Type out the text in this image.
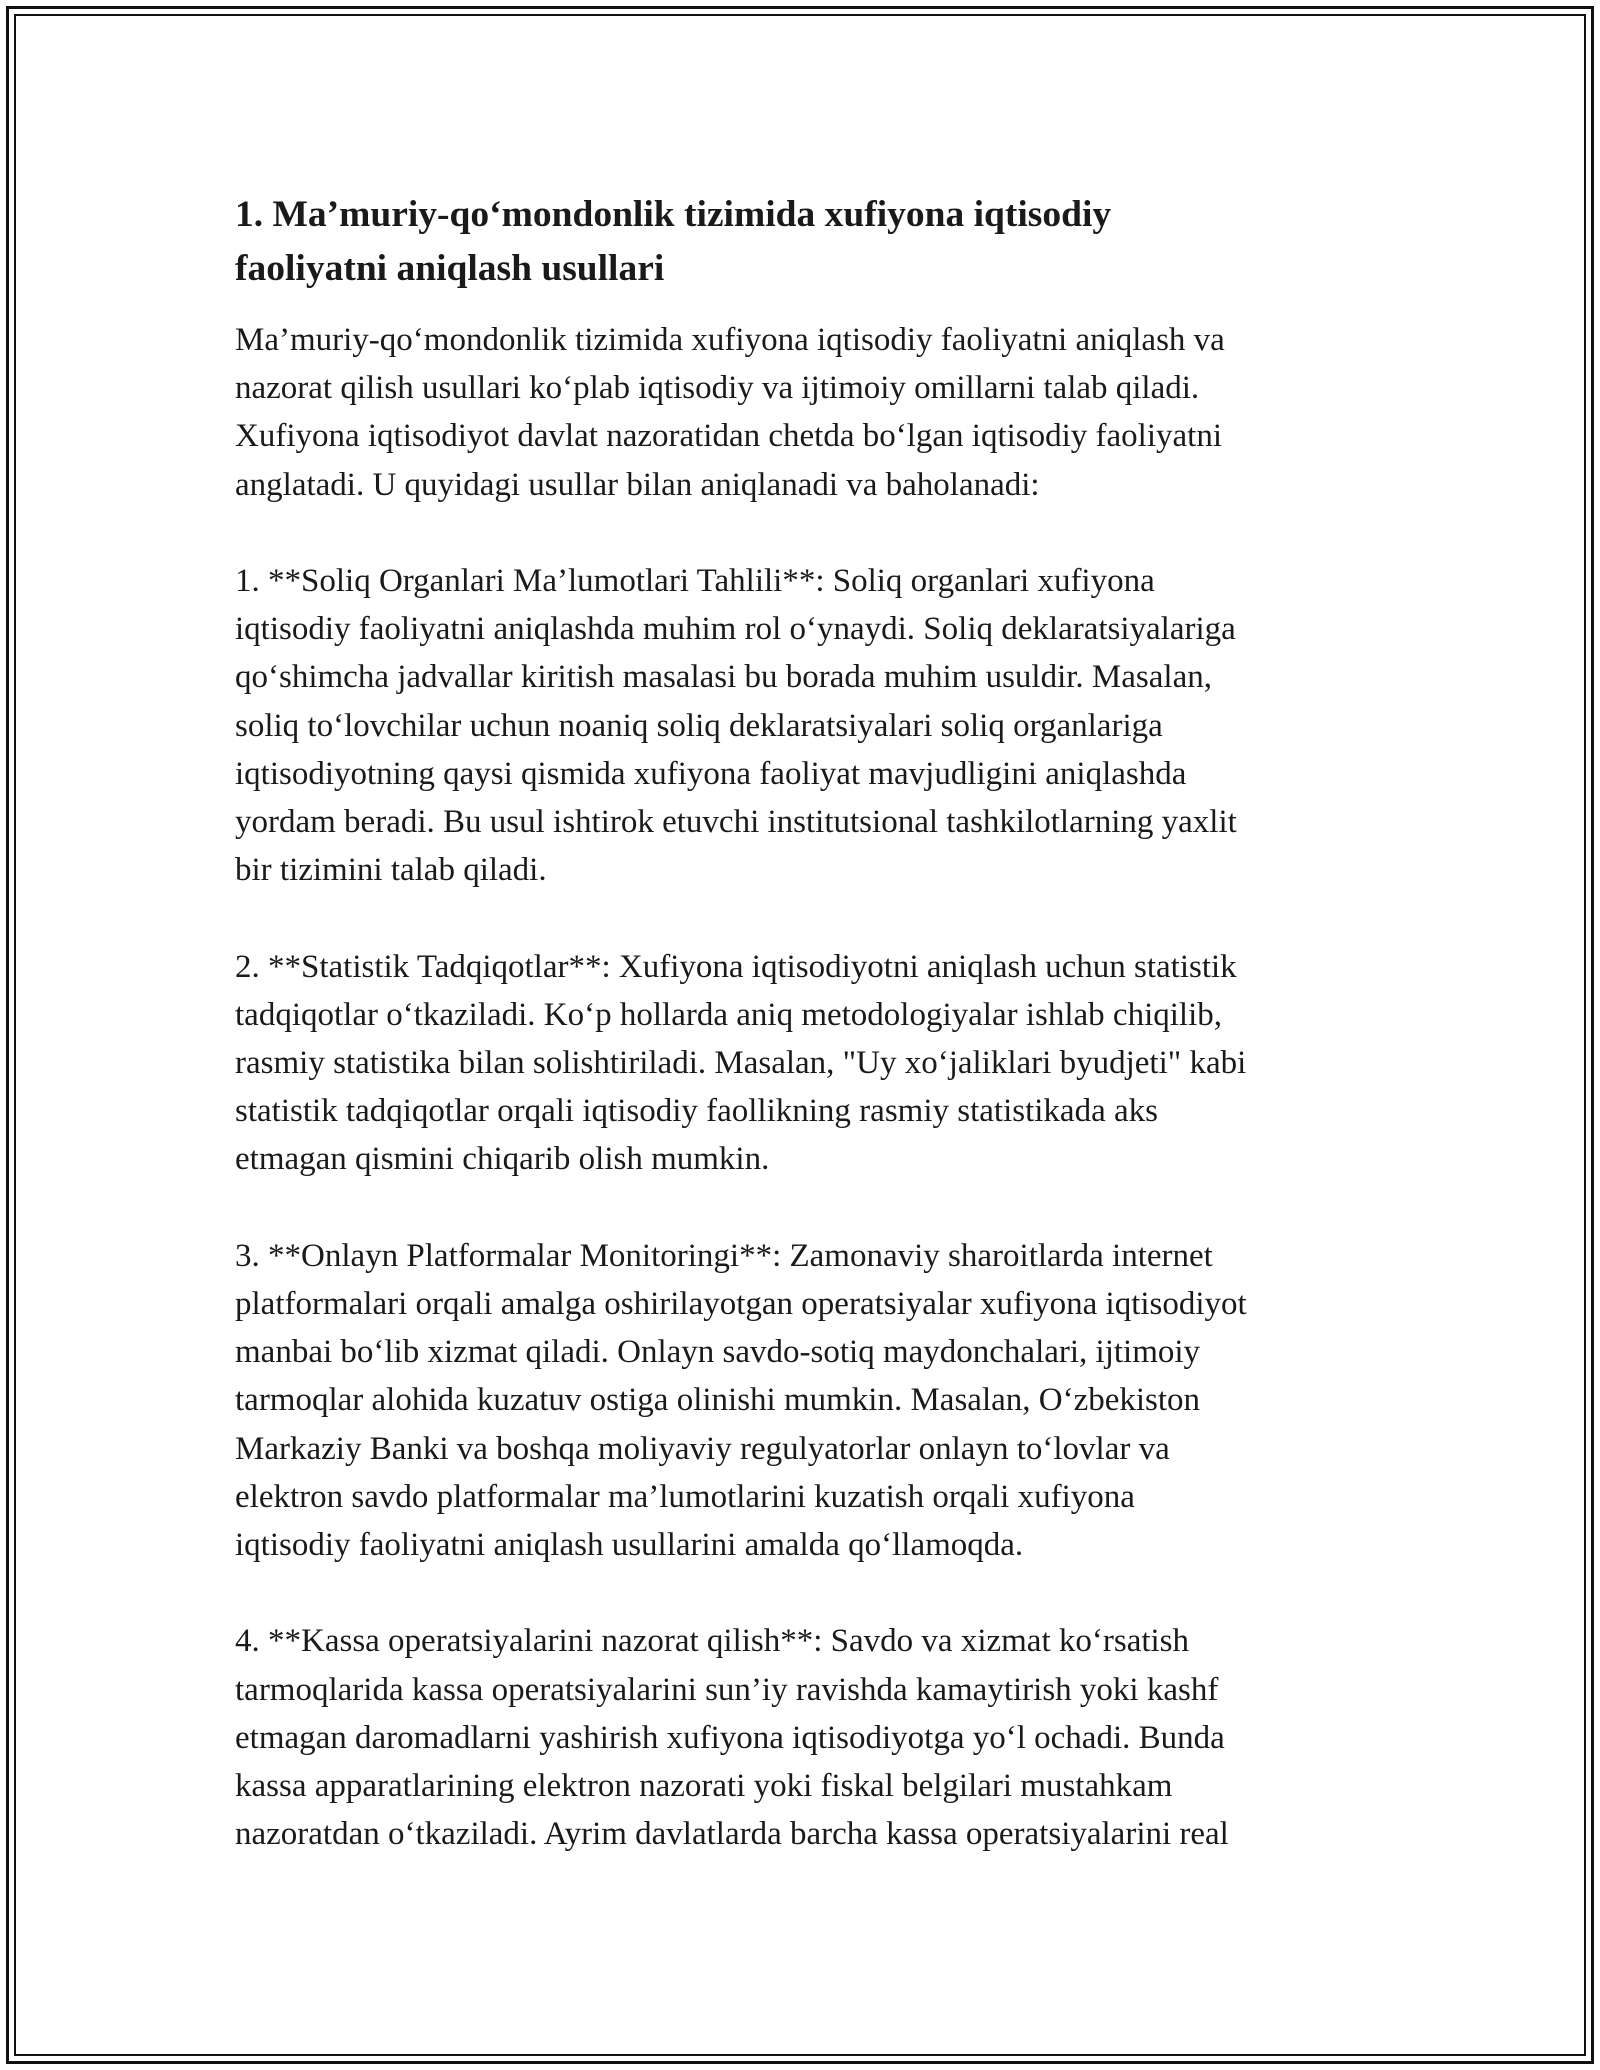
1. Ma’muriy-qo‘mondonlik tizimida xufiyona iqtisodiy
faoliyatni aniqlash usullari

Ma’muriy-qo‘mondonlik tizimida xufiyona iqtisodiy faoliyatni aniqlash va
nazorat qilish usullari ko‘plab iqtisodiy va ijtimoiy omillarni talab qiladi.
Xufiyona iqtisodiyot davlat nazoratidan chetda bo‘lgan iqtisodiy faoliyatni
anglatadi. U quyidagi usullar bilan aniqlanadi va baholanadi:

1. **Soliq Organlari Ma’lumotlari Tahlili**: Soliq organlari xufiyona
iqtisodiy faoliyatni aniqlashda muhim rol o‘ynaydi. Soliq deklaratsiyalariga
qo‘shimcha jadvallar kiritish masalasi bu borada muhim usuldir. Masalan,
soliq to‘lovchilar uchun noaniq soliq deklaratsiyalari soliq organlariga
iqtisodiyotning qaysi qismida xufiyona faoliyat mavjudligini aniqlashda
yordam beradi. Bu usul ishtirok etuvchi institutsional tashkilotlarning yaxlit
bir tizimini talab qiladi.

2. **Statistik Tadqiqotlar**: Xufiyona iqtisodiyotni aniqlash uchun statistik
tadqiqotlar o‘tkaziladi. Ko‘p hollarda aniq metodologiyalar ishlab chiqilib,
rasmiy statistika bilan solishtiriladi. Masalan, "Uy xo‘jaliklari byudjeti" kabi
statistik tadqiqotlar orqali iqtisodiy faollikning rasmiy statistikada aks
etmagan qismini chiqarib olish mumkin.

3. **Onlayn Platformalar Monitoringi**: Zamonaviy sharoitlarda internet
platformalari orqali amalga oshirilayotgan operatsiyalar xufiyona iqtisodiyot
manbai bo‘lib xizmat qiladi. Onlayn savdo-sotiq maydonchalari, ijtimoiy
tarmoqlar alohida kuzatuv ostiga olinishi mumkin. Masalan, O‘zbekiston
Markaziy Banki va boshqa moliyaviy regulyatorlar onlayn to‘lovlar va
elektron savdo platformalar ma’lumotlarini kuzatish orqali xufiyona
iqtisodiy faoliyatni aniqlash usullarini amalda qo‘llamoqda.

4. **Kassa operatsiyalarini nazorat qilish**: Savdo va xizmat ko‘rsatish
tarmoqlarida kassa operatsiyalarini sun’iy ravishda kamaytirish yoki kashf
etmagan daromadlarni yashirish xufiyona iqtisodiyotga yo‘l ochadi. Bunda
kassa apparatlarining elektron nazorati yoki fiskal belgilari mustahkam
nazoratdan o‘tkaziladi. Ayrim davlatlarda barcha kassa operatsiyalarini real
